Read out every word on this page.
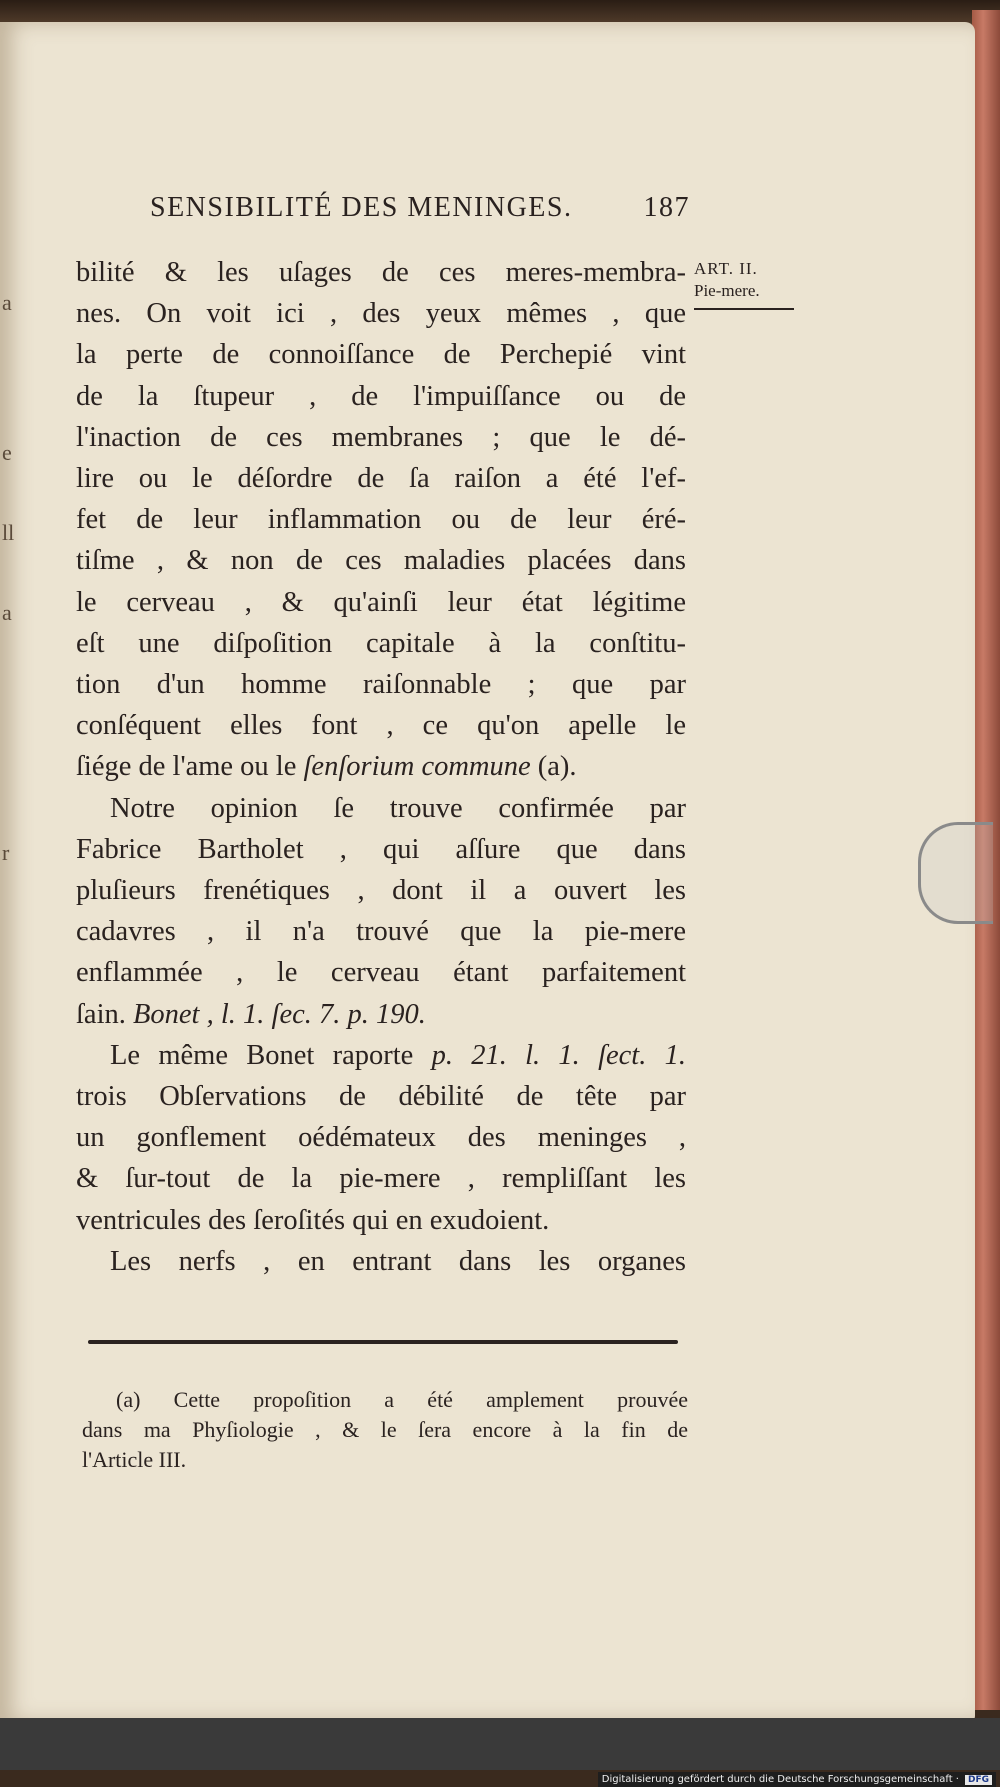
a
e
ll
a
r
SENSIBILITÉ DES MENINGES.	187
ART. II.
Pie-mere.
bilité & les uſages de ces meres-membra-
nes. On voit ici , des yeux mêmes , que
la perte de connoiſſance de Perchepié vint
de la ſtupeur , de l'impuiſſance ou de
l'inaction de ces membranes ; que le dé-
lire ou le déſordre de ſa raiſon a été l'ef-
fet de leur inflammation ou de leur éré-
tiſme , & non de ces maladies placées dans
le cerveau , & qu'ainſi leur état légitime
eſt une diſpoſition capitale à la conſtitu-
tion d'un homme raiſonnable ; que par
conſéquent elles font , ce qu'on apelle le
ſiége de l'ame ou le ſenſorium commune (a).
Notre opinion ſe trouve confirmée par
Fabrice Bartholet , qui aſſure que dans
pluſieurs frenétiques , dont il a ouvert les
cadavres , il n'a trouvé que la pie-mere
enflammée , le cerveau étant parfaitement
ſain. Bonet , l. 1. ſec. 7. p. 190.
Le même Bonet raporte p. 21. l. 1. ſect. 1.
trois Obſervations de débilité de tête par
un gonflement oédémateux des meninges ,
& ſur-tout de la pie-mere , rempliſſant les
ventricules des ſeroſités qui en exudoient.
Les nerfs , en entrant dans les organes
(a) Cette propoſition a été amplement prouvée
dans ma Phyſiologie , & le ſera encore à la fin de
l'Article III.
Digitalisierung gefördert durch die Deutsche Forschungsgemeinschaft ·	DFG
